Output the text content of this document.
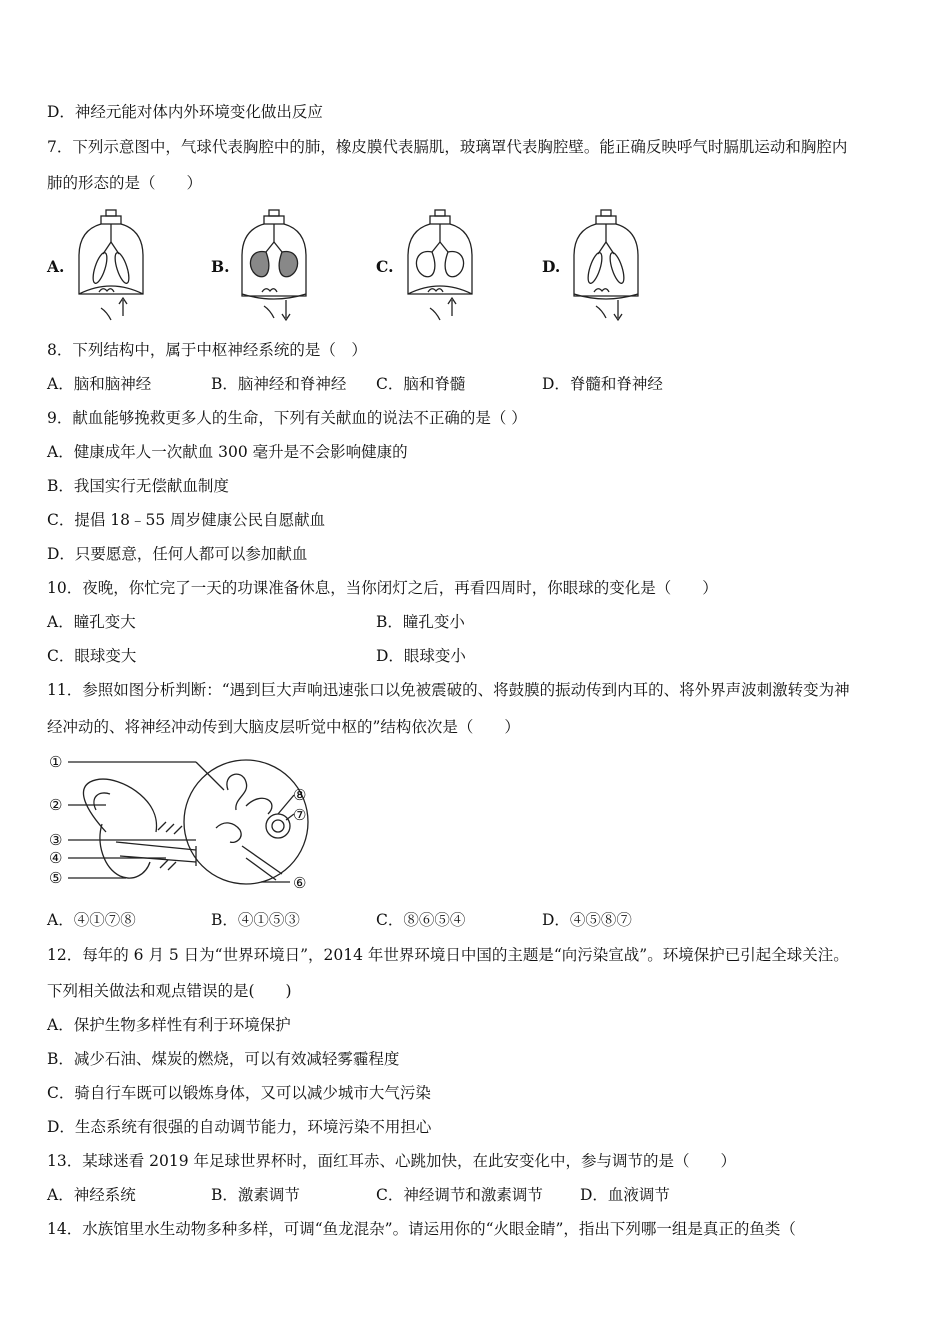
D．神经元能对体内外环境变化做出反应
7．下列示意图中，气球代表胸腔中的肺，橡皮膜代表膈肌，玻璃罩代表胸腔壁。能正确反映呼气时膈肌运动和胸腔内
肺的形态的是（　　）
A.	B.	C.	D.
8．下列结构中，属于中枢神经系统的是（　）
A．脑和脑神经	B．脑神经和脊神经 C．脑和脊髓	D．脊髓和脊神经
9．献血能够挽救更多人的生命，下列有关献血的说法不正确的是（ ）
A．健康成年人一次献血 300 毫升是不会影响健康的
B．我国实行无偿献血制度
C．提倡 18﹣55 周岁健康公民自愿献血
D．只要愿意，任何人都可以参加献血
10．夜晚，你忙完了一天的功课准备休息，当你闭灯之后，再看四周时，你眼球的变化是（　　）
A．瞳孔变大	B．瞳孔变小
C．眼球变大	D．眼球变小
11．参照如图分析判断：“遇到巨大声响迅速张口以免被震破的、将鼓膜的振动传到内耳的、将外界声波刺激转变为神
经冲动的、将神经冲动传到大脑皮层听觉中枢的”结构依次是（　　）
①
②
③
④
⑤	⑥
⑦
⑧
A．④①⑦⑧	B．④①⑤③	C．⑧⑥⑤④	D．④⑤⑧⑦
12．每年的 6 月 5 日为“世界环境日”，2014 年世界环境日中国的主题是“向污染宣战”。环境保护已引起全球关注。
下列相关做法和观点错误的是(　　)
A．保护生物多样性有利于环境保护
B．减少石油、煤炭的燃烧，可以有效减轻雾霾程度
C．骑自行车既可以锻炼身体，又可以减少城市大气污染
D．生态系统有很强的自动调节能力，环境污染不用担心
13．某球迷看 2019 年足球世界杯时，面红耳赤、心跳加快，在此安变化中，参与调节的是（　　）
A．神经系统	B．激素调节	C．神经调节和激素调节 D．血液调节
14．水族馆里水生动物多种多样，可调“鱼龙混杂”。请运用你的“火眼金睛”，指出下列哪一组是真正的鱼类（
